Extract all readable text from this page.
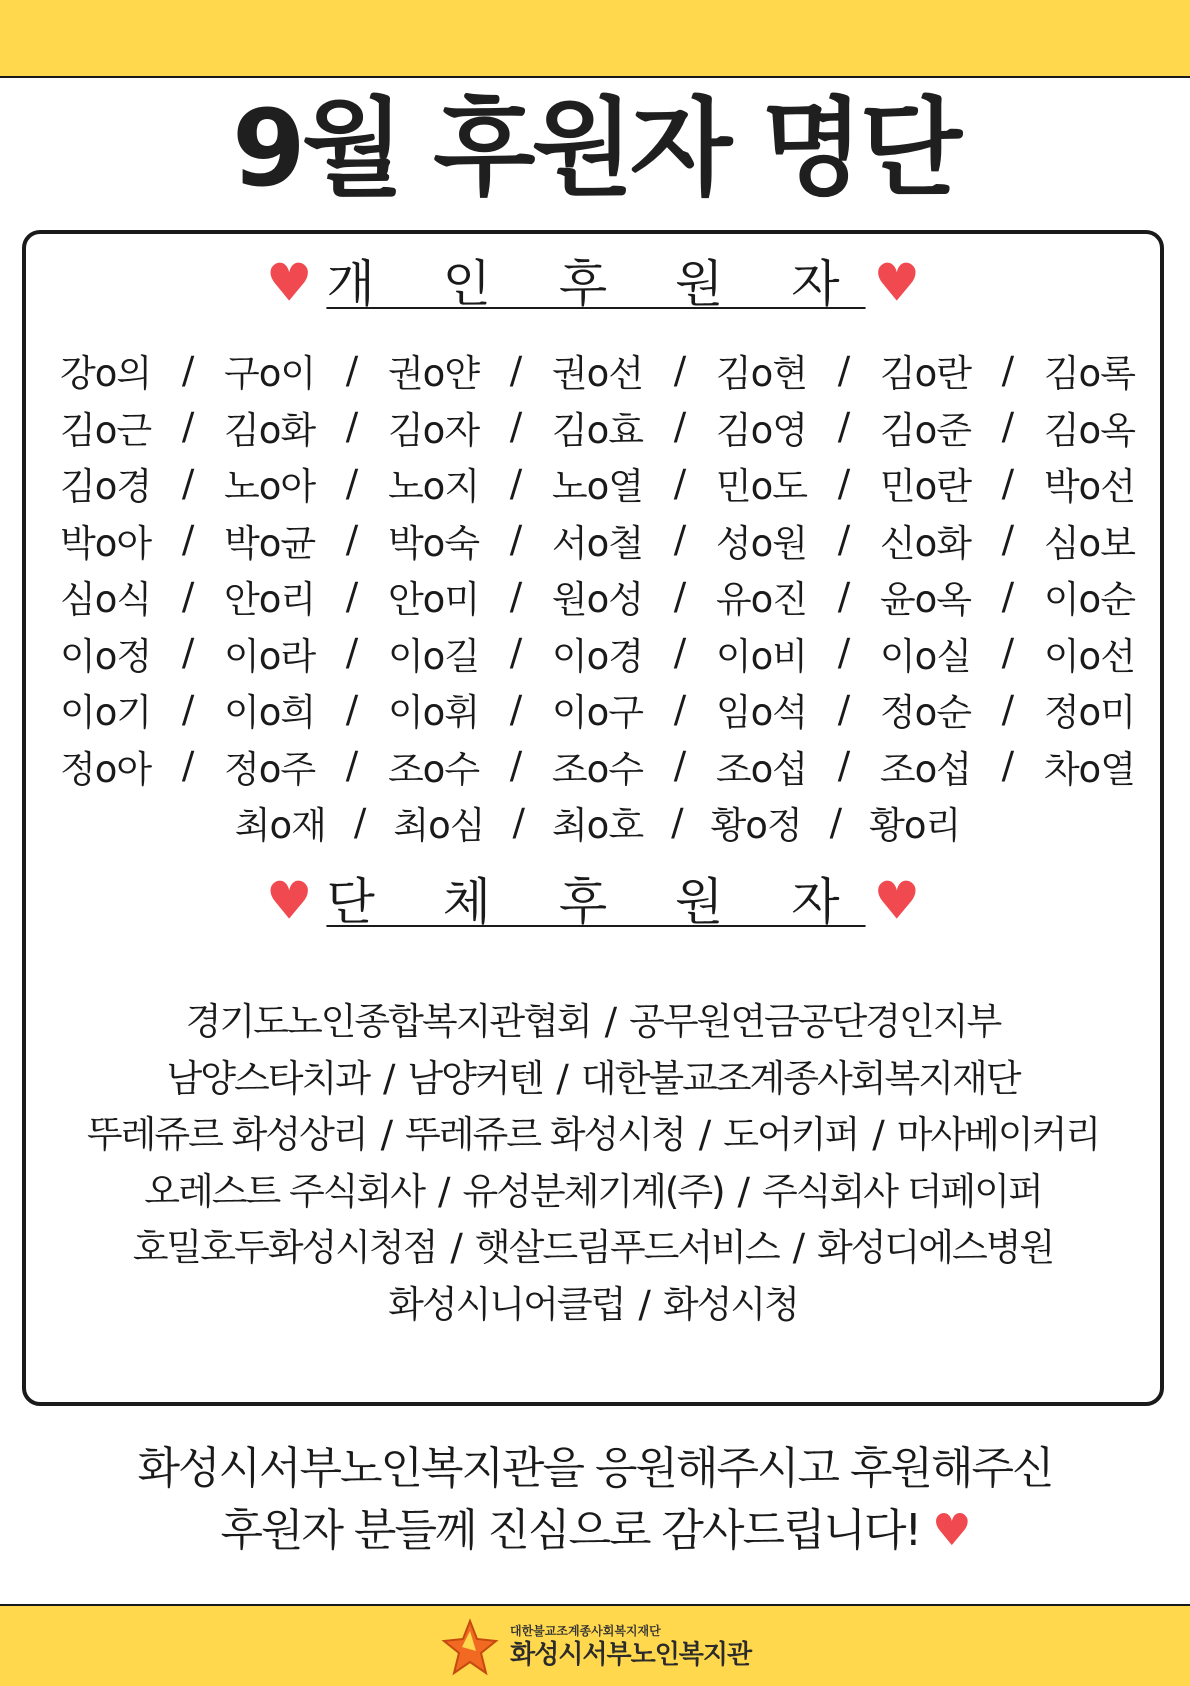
9월 후원자 명단
♥ 개 인 후 원 자 ♥
강o의 / 구o이 / 권o얀 / 권o선 / 김o현 / 김o란 / 김o록
김o근 / 김o화 / 김o자 / 김o효 / 김o영 / 김o준 / 김o옥
김o경 / 노o아 / 노o지 / 노o열 / 민o도 / 민o란 / 박o선
박o아 / 박o균 / 박o숙 / 서o철 / 성o원 / 신o화 / 심o보
심o식 / 안o리 / 안o미 / 원o성 / 유o진 / 윤o옥 / 이o순
이o정 / 이o라 / 이o길 / 이o경 / 이o비 / 이o실 / 이o선
이o기 / 이o희 / 이o휘 / 이o구 / 임o석 / 정o순 / 정o미
정o아 / 정o주 / 조o수 / 조o수 / 조o섭 / 조o섭 / 차o열
최o재 / 최o심 / 최o호 / 황o정 / 황o리
♥ 단 체 후 원 자 ♥
경기도노인종합복지관협회 / 공무원연금공단경인지부
남양스타치과 / 남양커텐 / 대한불교조계종사회복지재단
뚜레쥬르 화성상리 / 뚜레쥬르 화성시청 / 도어키퍼 / 마사베이커리
오레스트 주식회사 / 유성분체기계(주) / 주식회사 더페이퍼
호밀호두화성시청점 / 햇살드림푸드서비스 / 화성디에스병원
화성시니어클럽 / 화성시청
화성시서부노인복지관을 응원해주시고 후원해주신
후원자 분들께 진심으로 감사드립니다! ♥
대한불교조계종사회복지재단
화성시서부노인복지관
